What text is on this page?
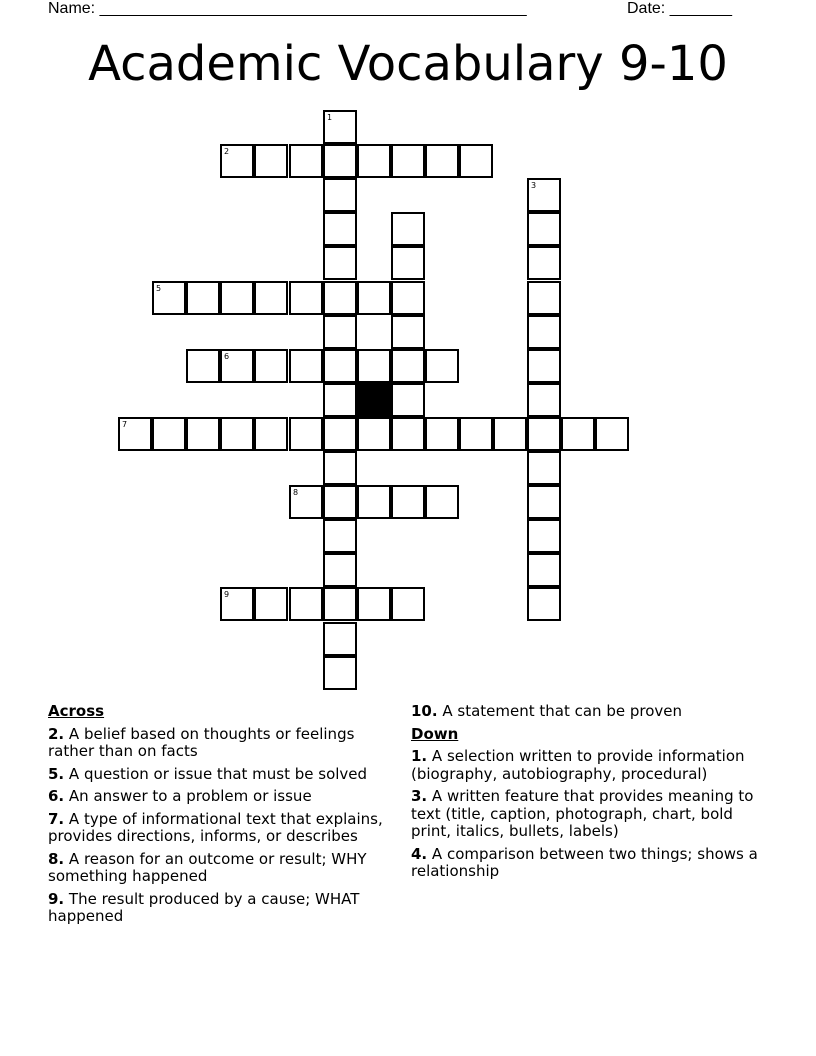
Name: ________________________________________________	Date: _______
Academic Vocabulary 9-10
1
2
3
5
6
7
8
9
Across
2. A belief based on thoughts or feelings rather than on facts
5. A question or issue that must be solved
6. An answer to a problem or issue
7. A type of informational text that explains, provides directions, informs, or describes
8. A reason for an outcome or result; WHY something happened
9. The result produced by a cause; WHAT happened
10. A statement that can be proven
Down
1. A selection written to provide information (biography, autobiography, procedural)
3. A written feature that provides meaning to text (title, caption, photograph, chart, bold print, italics, bullets, labels)
4. A comparison between two things; shows a relationship
